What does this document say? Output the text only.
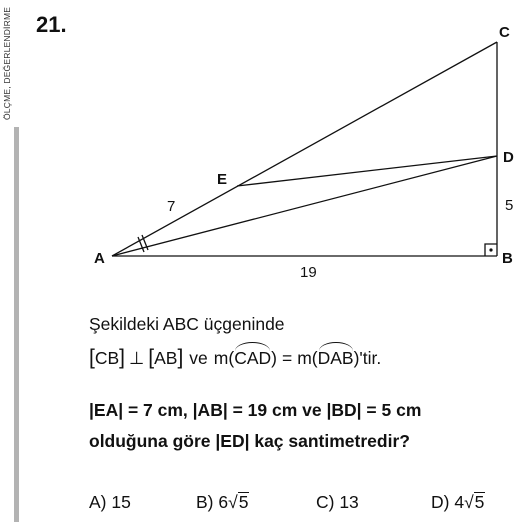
ÖLÇME, DEĞERLENDİRME 21.
A	B
C
D
E
7
19
5
Şekildeki ABC üçgeninde
[ CB ] ⊥ [ AB ] ve m ( CAD ) = m ( DAB ) 'tir.
|EA| = 7 cm, |AB| = 19 cm ve |BD| = 5 cm
olduğuna göre |ED| kaç santimetredir?
A) 15	B) 6√5	C) 13	D) 4√5
